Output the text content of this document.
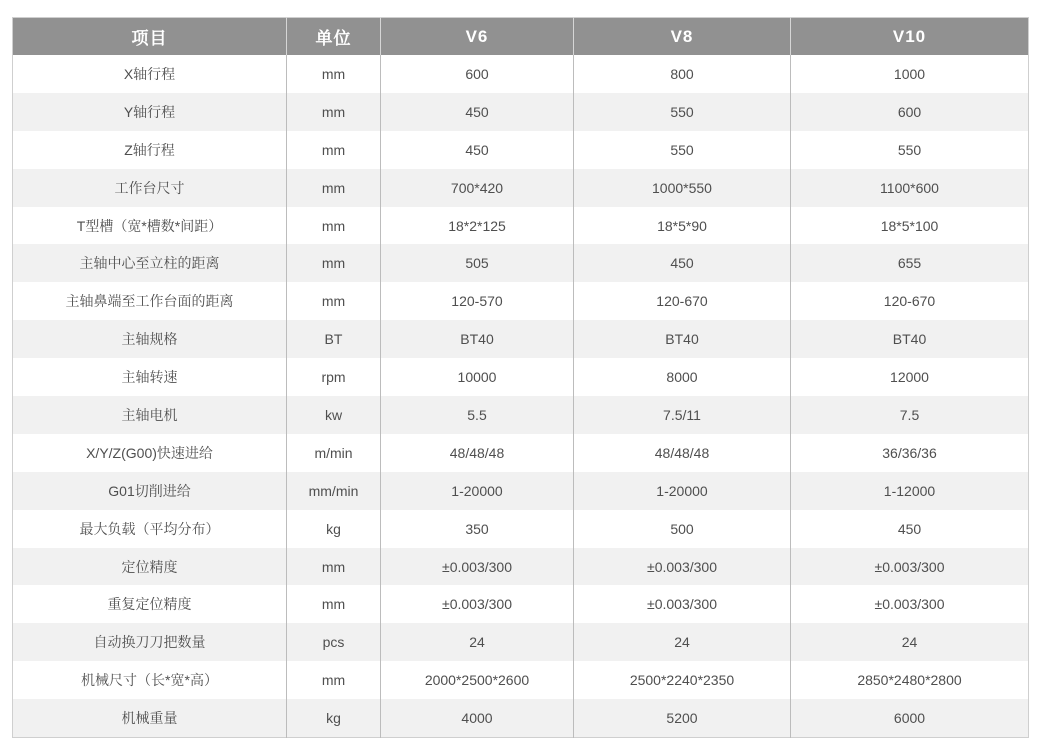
项目	单位	V6	V8	V10
X轴行程	mm	600	800	1000
Y轴行程	mm	450	550	600
Z轴行程	mm	450	550	550
工作台尺寸	mm	700*420	1000*550	1100*600
T型槽（宽*槽数*间距）	mm	18*2*125	18*5*90	18*5*100
主轴中心至立柱的距离	mm	505	450	655
主轴鼻端至工作台面的距离	mm	120-570	120-670	120-670
主轴规格	BT	BT40	BT40	BT40
主轴转速	rpm	10000	8000	12000
主轴电机	kw	5.5	7.5/11	7.5
X/Y/Z(G00)快速进给	m/min	48/48/48	48/48/48	36/36/36
G01切削进给	mm/min	1-20000	1-20000	1-12000
最大负载（平均分布）	kg	350	500	450
定位精度	mm	±0.003/300	±0.003/300	±0.003/300
重复定位精度	mm	±0.003/300	±0.003/300	±0.003/300
自动换刀刀把数量	pcs	24	24	24
机械尺寸（长*宽*高）	mm	2000*2500*2600	2500*2240*2350	2850*2480*2800
机械重量	kg	4000	5200	6000
